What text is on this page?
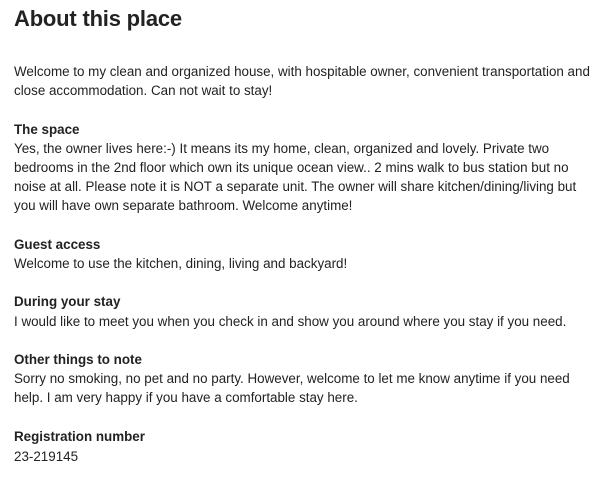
About this place
Welcome to my clean and organized house, with hospitable owner, convenient transportation and close accommodation. Can not wait to stay!
The space
Yes, the owner lives here:-) It means its my home, clean, organized and lovely. Private two bedrooms in the 2nd floor which own its unique ocean view.. 2 mins walk to bus station but no noise at all. Please note it is NOT a separate unit. The owner will share kitchen/dining/living but you will have own separate bathroom. Welcome anytime!
Guest access
Welcome to use the kitchen, dining, living and backyard!
During your stay
I would like to meet you when you check in and show you around where you stay if you need.
Other things to note
Sorry no smoking, no pet and no party. However, welcome to let me know anytime if you need help. I am very happy if you have a comfortable stay here.
Registration number
23-219145
